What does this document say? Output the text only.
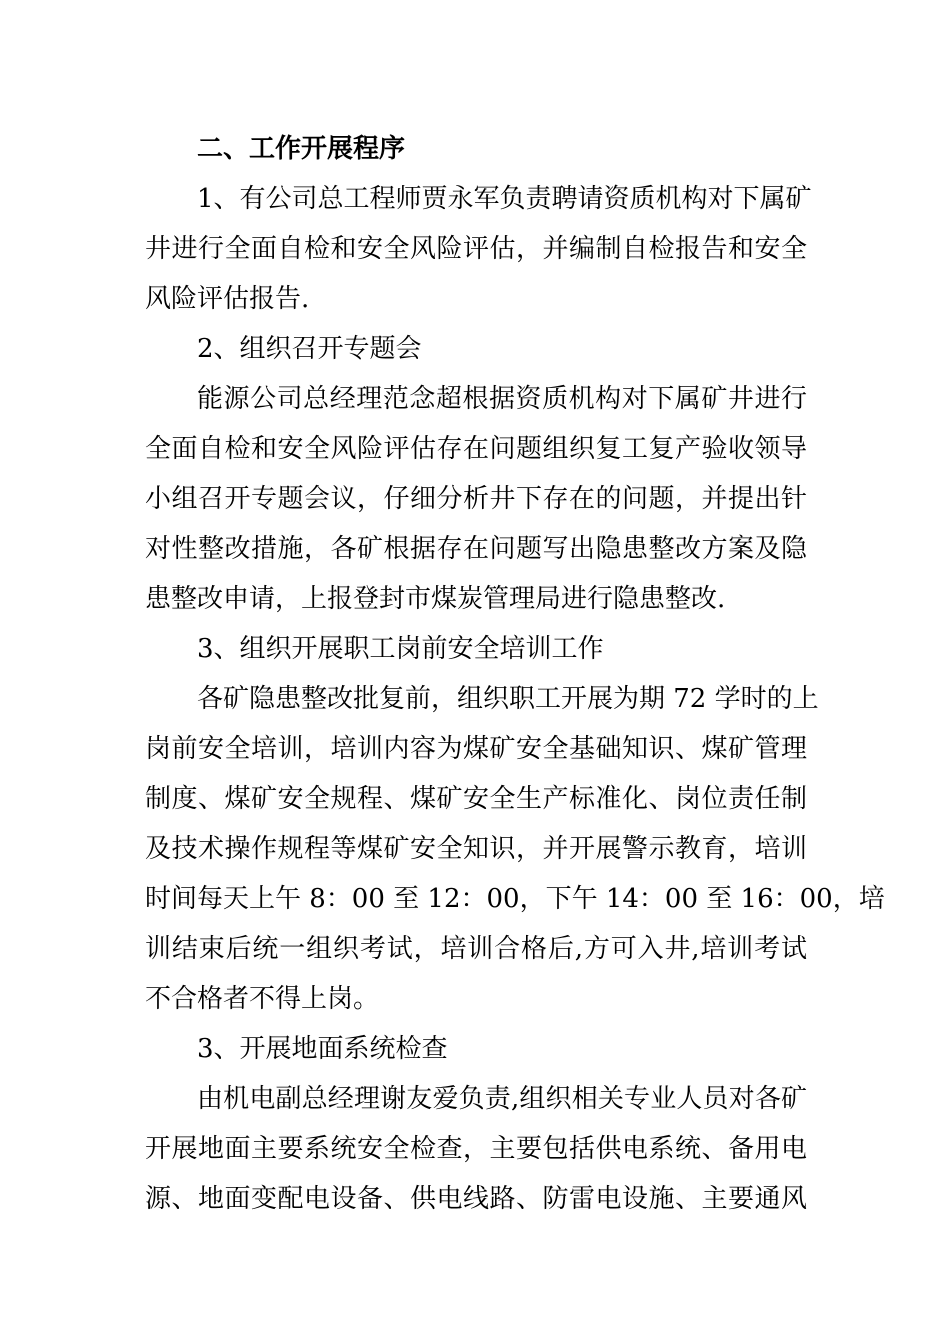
二、工作开展程序
1、有公司总工程师贾永军负责聘请资质机构对下属矿
井进行全面自检和安全风险评估，并编制自检报告和安全
风险评估报告.
2、组织召开专题会
能源公司总经理范念超根据资质机构对下属矿井进行
全面自检和安全风险评估存在问题组织复工复产验收领导
小组召开专题会议，仔细分析井下存在的问题，并提出针
对性整改措施，各矿根据存在问题写出隐患整改方案及隐
患整改申请，上报登封市煤炭管理局进行隐患整改.
3、组织开展职工岗前安全培训工作
各矿隐患整改批复前，组织职工开展为期 72 学时的上
岗前安全培训，培训内容为煤矿安全基础知识、煤矿管理
制度、煤矿安全规程、煤矿安全生产标准化、岗位责任制
及技术操作规程等煤矿安全知识，并开展警示教育，培训
时间每天上午 8：00 至 12：00，下午 14：00 至 16：00，培
训结束后统一组织考试，培训合格后,方可入井,培训考试
不合格者不得上岗。
3、开展地面系统检查
由机电副总经理谢友爱负责,组织相关专业人员对各矿
开展地面主要系统安全检查，主要包括供电系统、备用电
源、地面变配电设备、供电线路、防雷电设施、主要通风
